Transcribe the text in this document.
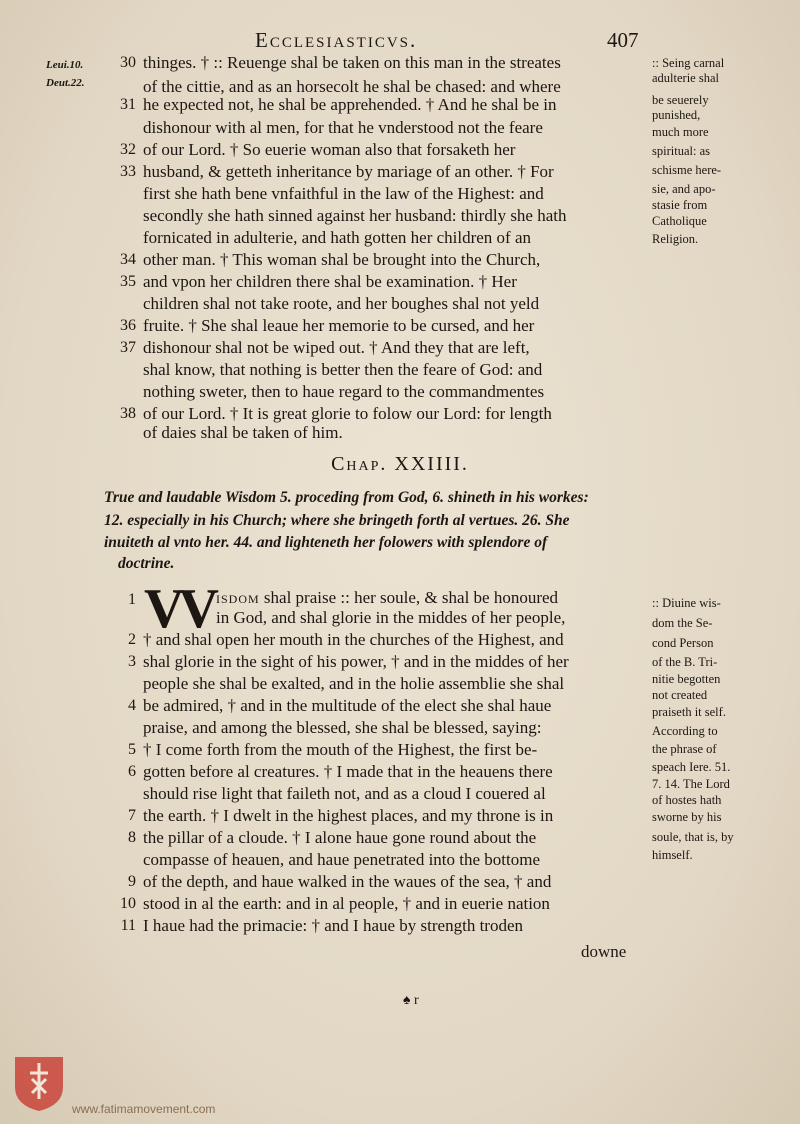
Ecclesiasticvs.	407
Leui.10.
Deut.22.
30 thinges. † :: Reuenge shal be taken on this man in the streates
of the cittie, and as an horsecolt he shal be chased: and where
31 he expected not, he shal be apprehended. † And he shal be in
dishonour with al men, for that he vnderstood not the feare
32 of our Lord. † So euerie woman also that forsaketh her
33 husband, & getteth inheritance by mariage of an other. † For
first she hath bene vnfaithful in the law of the Highest: and
secondly she hath sinned against her husband: thirdly she hath
fornicated in adulterie, and hath gotten her children of an
34 other man. † This woman shal be brought into the Church,
35 and vpon her children there shal be examination. † Her
children shal not take roote, and her boughes shal not yeld
36 fruite. † She shal leaue her memorie to be cursed, and her
37 dishonour shal not be wiped out. † And they that are left,
shal know, that nothing is better then the feare of God: and
nothing sweter, then to haue regard to the commandmentes
38 of our Lord. † It is great glorie to folow our Lord: for length
of daies shal be taken of him.
:: Seing carnal
adulterie shal
be seuerely
punished,
much more
spiritual: as
schisme here-
sie, and apo-
stasie from
Catholique
Religion.
Chap. XXIIII.
True and laudable Wisdom 5. proceding from God, 6. shineth in his workes:
12. especially in his Church; where she bringeth forth al vertues. 26. She
inuiteth al vnto her. 44. and lighteneth her folowers with splendore of
doctrine.
1 VV isdom shal praise :: her soule, & shal be honoured
in God, and shal glorie in the middes of her people,
2 † and shal open her mouth in the churches of the Highest, and
3 shal glorie in the sight of his power, † and in the middes of her
people she shal be exalted, and in the holie assemblie she shal
4 be admired, † and in the multitude of the elect she shal haue
praise, and among the blessed, she shal be blessed, saying:
5 † I come forth from the mouth of the Highest, the first be-
6 gotten before al creatures. † I made that in the heauens there
should rise light that faileth not, and as a cloud I couered al
7 the earth. † I dwelt in the highest places, and my throne is in
8 the pillar of a cloude. † I alone haue gone round about the
compasse of heauen, and haue penetrated into the bottome
9 of the depth, and haue walked in the waues of the sea, † and
10 stood in al the earth: and in al people, † and in euerie nation
11 I haue had the primacie: † and I haue by strength troden
:: Diuine wis-
dom the Se-
cond Person
of the B. Tri-
nitie begotten
not created
praiseth it self.
According to
the phrase of
speach Iere. 51.
7. 14. The Lord
of hostes hath
sworne by his
soule, that is, by
himself.
downe
♠ r
www.fatimamovement.com
